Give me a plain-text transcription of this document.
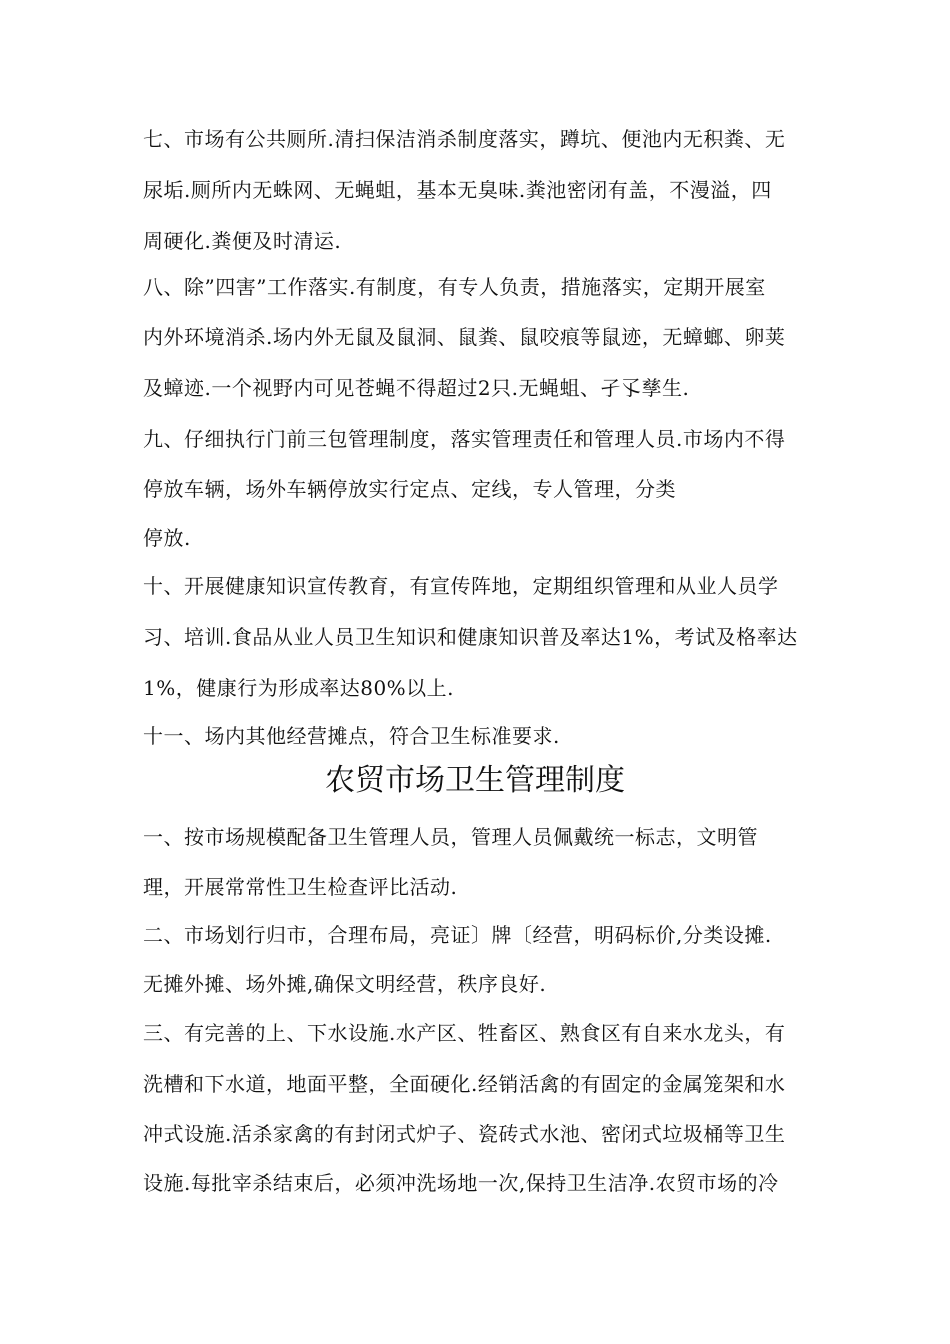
七、市场有公共厕所.清扫保洁消杀制度落实，蹲坑、便池内无积粪、无
尿垢.厕所内无蛛网、无蝇蛆，基本无臭味.粪池密闭有盖，不漫溢，四
周硬化.粪便及时清运.
八、除”四害”工作落实.有制度，有专人负责，措施落实，定期开展室
内外环境消杀.场内外无鼠及鼠洞、鼠粪、鼠咬痕等鼠迹，无蟑螂、卵荚
及蟑迹.一个视野内可见苍蝇不得超过2只.无蝇蛆、孑孓孳生.
九、仔细执行门前三包管理制度，落实管理责任和管理人员.市场内不得
停放车辆，场外车辆停放实行定点、定线，专人管理，分类
停放.
十、开展健康知识宣传教育，有宣传阵地，定期组织管理和从业人员学
习、培训.食品从业人员卫生知识和健康知识普及率达1%，考试及格率达
1%，健康行为形成率达80%以上.
十一、场内其他经营摊点，符合卫生标准要求.
农贸市场卫生管理制度
一、按市场规模配备卫生管理人员，管理人员佩戴统一标志，文明管
理，开展常常性卫生检查评比活动.
二、市场划行归市，合理布局，亮证〕牌〔经营，明码标价,分类设摊.
无摊外摊、场外摊,确保文明经营，秩序良好.
三、有完善的上、下水设施.水产区、牲畜区、熟食区有自来水龙头，有
洗槽和下水道，地面平整，全面硬化.经销活禽的有固定的金属笼架和水
冲式设施.活杀家禽的有封闭式炉子、瓷砖式水池、密闭式垃圾桶等卫生
设施.每批宰杀结束后，必须冲洗场地一次,保持卫生洁净.农贸市场的冷
